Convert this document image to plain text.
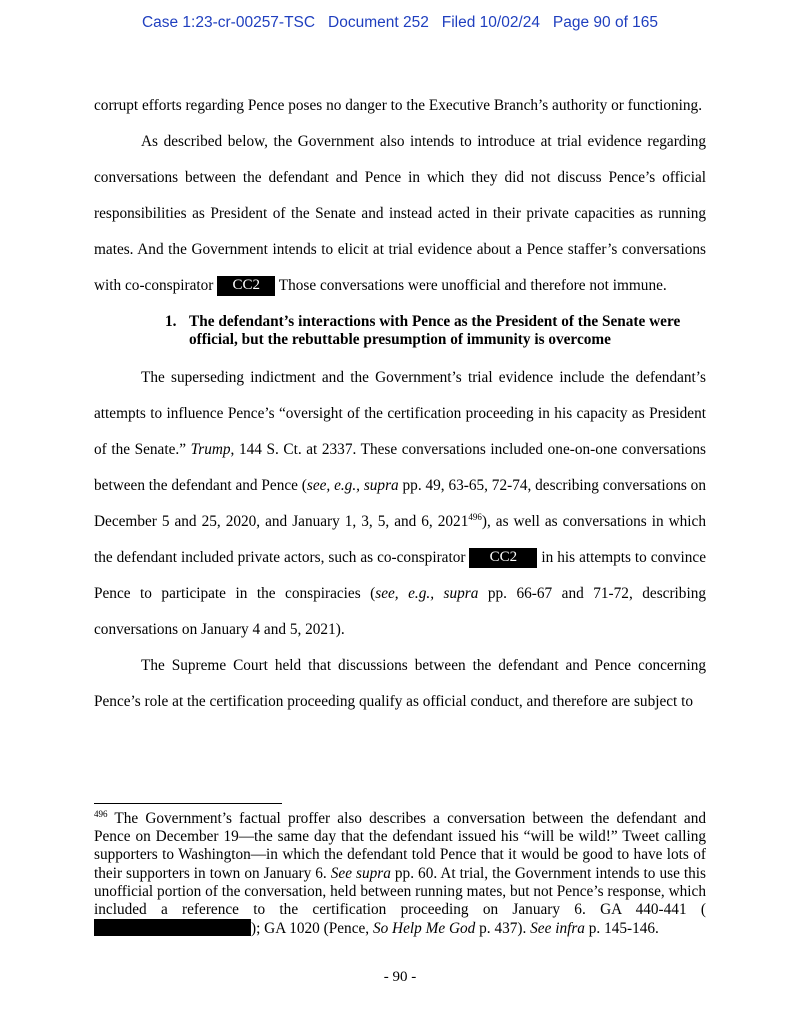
Case 1:23-cr-00257-TSC   Document 252   Filed 10/02/24   Page 90 of 165

corrupt efforts regarding Pence poses no danger to the Executive Branch’s authority or functioning.

As described below, the Government also intends to introduce at trial evidence regarding conversations between the defendant and Pence in which they did not discuss Pence’s official responsibilities as President of the Senate and instead acted in their private capacities as running mates. And the Government intends to elicit at trial evidence about a Pence staffer’s conversations with co-conspirator CC2 Those conversations were unofficial and therefore not immune.

1. The defendant’s interactions with Pence as the President of the Senate were official, but the rebuttable presumption of immunity is overcome

The superseding indictment and the Government’s trial evidence include the defendant’s attempts to influence Pence’s “oversight of the certification proceeding in his capacity as President of the Senate.” Trump, 144 S. Ct. at 2337. These conversations included one-on-one conversations between the defendant and Pence (see, e.g., supra pp. 49, 63-65, 72-74, describing conversations on December 5 and 25, 2020, and January 1, 3, 5, and 6, 2021$^{496}$), as well as conversations in which the defendant included private actors, such as co-conspirator CC2 in his attempts to convince Pence to participate in the conspiracies (see, e.g., supra pp. 66-67 and 71-72, describing conversations on January 4 and 5, 2021).

The Supreme Court held that discussions between the defendant and Pence concerning Pence’s role at the certification proceeding qualify as official conduct, and therefore are subject to

$^{496}$ The Government’s factual proffer also describes a conversation between the defendant and Pence on December 19—the same day that the defendant issued his “will be wild!” Tweet calling supporters to Washington—in which the defendant told Pence that it would be good to have lots of their supporters in town on January 6. See supra pp. 60. At trial, the Government intends to use this unofficial portion of the conversation, held between running mates, but not Pence’s response, which included a reference to the certification proceeding on January 6. GA 440-441 (); GA 1020 (Pence, So Help Me God p. 437). See infra p. 145-146.
- 90 -
